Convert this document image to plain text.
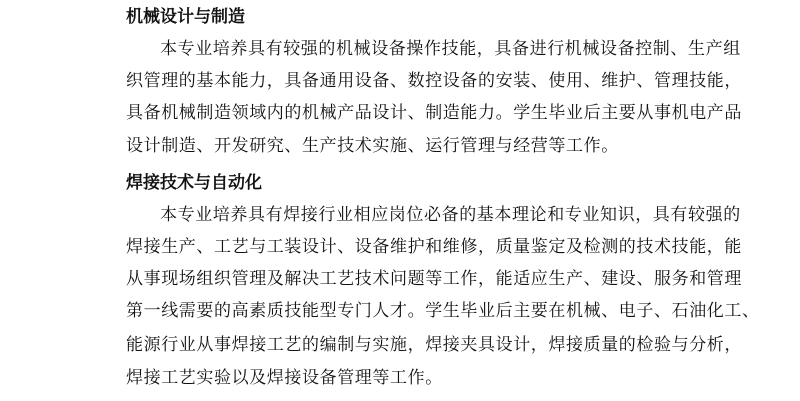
机械设计与制造
本专业培养具有较强的机械设备操作技能，具备进行机械设备控制、生产组
织管理的基本能力，具备通用设备、数控设备的安装、使用、维护、管理技能，
具备机械制造领域内的机械产品设计、制造能力。学生毕业后主要从事机电产品
设计制造、开发研究、生产技术实施、运行管理与经营等工作。
焊接技术与自动化
本专业培养具有焊接行业相应岗位必备的基本理论和专业知识，具有较强的
焊接生产、工艺与工装设计、设备维护和维修，质量鉴定及检测的技术技能，能
从事现场组织管理及解决工艺技术问题等工作，能适应生产、建设、服务和管理
第一线需要的高素质技能型专门人才。学生毕业后主要在机械、电子、石油化工、
能源行业从事焊接工艺的编制与实施，焊接夹具设计，焊接质量的检验与分析，
焊接工艺实验以及焊接设备管理等工作。
